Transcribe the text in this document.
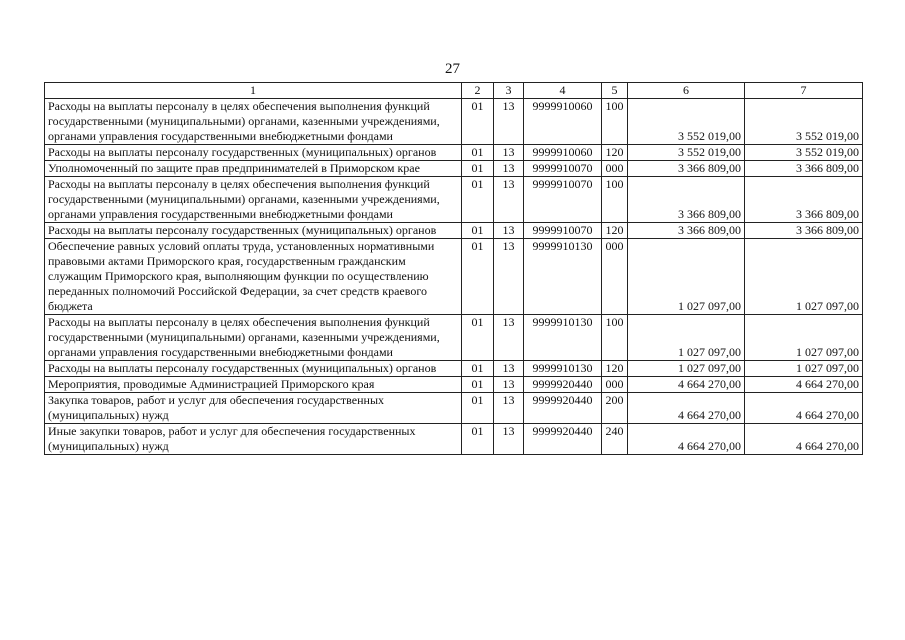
27
1	2	3	4	5	6	7
Расходы на выплаты персоналу в целях обеспечения выполнения функций государственными (муниципальными) органами, казенными учреждениями, органами управления государственными внебюджетными фондами	01	13	9999910060	100	3 552 019,00	3 552 019,00
Расходы на выплаты персоналу государственных (муниципальных) органов	01	13	9999910060	120	3 552 019,00	3 552 019,00
Уполномоченный по защите прав предпринимателей в Приморском крае	01	13	9999910070	000	3 366 809,00	3 366 809,00
Расходы на выплаты персоналу в целях обеспечения выполнения функций государственными (муниципальными) органами, казенными учреждениями, органами управления государственными внебюджетными фондами	01	13	9999910070	100	3 366 809,00	3 366 809,00
Расходы на выплаты персоналу государственных (муниципальных) органов	01	13	9999910070	120	3 366 809,00	3 366 809,00
Обеспечение равных условий оплаты труда, установленных нормативными правовыми актами Приморского края, государственным гражданским служащим Приморского края, выполняющим функции по осуществлению переданных полномочий Российской Федерации, за счет средств краевого бюджета	01	13	9999910130	000	1 027 097,00	1 027 097,00
Расходы на выплаты персоналу в целях обеспечения выполнения функций государственными (муниципальными) органами, казенными учреждениями, органами управления государственными внебюджетными фондами	01	13	9999910130	100	1 027 097,00	1 027 097,00
Расходы на выплаты персоналу государственных (муниципальных) органов	01	13	9999910130	120	1 027 097,00	1 027 097,00
Мероприятия, проводимые Администрацией Приморского края	01	13	9999920440	000	4 664 270,00	4 664 270,00
Закупка товаров, работ и услуг для обеспечения государственных (муниципальных) нужд	01	13	9999920440	200	4 664 270,00	4 664 270,00
Иные закупки товаров, работ и услуг для обеспечения государственных (муниципальных) нужд	01	13	9999920440	240	4 664 270,00	4 664 270,00
